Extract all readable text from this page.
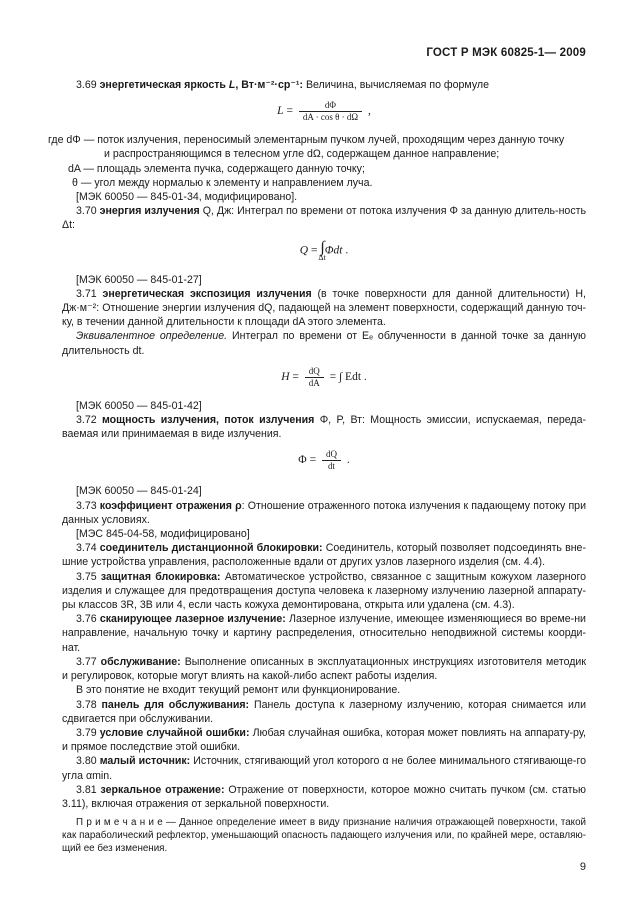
ГОСТ Р МЭК 60825-1— 2009

3.69 энергетическая яркость L, Вт·м⁻²·ср⁻¹: Величина, вычисляемая по формуле

$L = \frac{d\Phi}{\text{dA · cos θ · dΩ}}$ ,

где dΦ — поток излучения, переносимый элементарным пучком лучей, проходящим через данную точку

и распространяющимся в телесном угле dΩ, содержащем данное направление;

dA — площадь элемента пучка, содержащего данную точку;

θ — угол между нормалью к элементу и направлением луча.

[МЭК 60050 — 845-01-34, модифицировано].

3.70 энергия излучения Q, Дж: Интеграл по времени от потока излучения Φ за данную длитель-ность Δt:

Q = ∫
Δt
Φdt .

[МЭК 60050 — 845-01-27]

3.71 энергетическая экспозиция излучения (в точке поверхности для данной длительности) H, Дж·м⁻²: Отношение энергии излучения dQ, падающей на элемент поверхности, содержащий данную точ-ку, в течении данной длительности к площади dA этого элемента.

Эквивалентное определение. Интеграл по времени от Eₑ облученности в данной точке за данную длительность dt.

$H = \frac{dQ}{dA}$ = ∫ Edt .

[МЭК 60050 — 845-01-42]

3.72 мощность излучения, поток излучения Φ, P, Вт: Мощность эмиссии, испускаемая, переда-ваемая или принимаемая в виде излучения.

$\Phi = \frac{dQ}{dt}$ .

[МЭК 60050 — 845-01-24]

3.73 коэффициент отражения ρ: Отношение отраженного потока излучения к падающему потоку при данных условиях.

[МЭС 845-04-58, модифицировано]

3.74 соединитель дистанционной блокировки: Соединитель, который позволяет подсоединять вне-шние устройства управления, расположенные вдали от других узлов лазерного изделия (см. 4.4).

3.75 защитная блокировка: Автоматическое устройство, связанное с защитным кожухом лазерного изделия и служащее для предотвращения доступа человека к лазерному излучению лазерной аппарату-ры классов 3R, 3B или 4, если часть кожуха демонтирована, открыта или удалена (см. 4.3).

3.76 сканирующее лазерное излучение: Лазерное излучение, имеющее изменяющиеся во време-ни направление, начальную точку и картину распределения, относительно неподвижной системы коорди-нат.

3.77 обслуживание: Выполнение описанных в эксплуатационных инструкциях изготовителя методик и регулировок, которые могут влиять на какой-либо аспект работы изделия.

В это понятие не входит текущий ремонт или функционирование.

3.78 панель для обслуживания: Панель доступа к лазерному излучению, которая снимается или сдвигается при обслуживании.

3.79 условие случайной ошибки: Любая случайная ошибка, которая может повлиять на аппарату-ру, и прямое последствие этой ошибки.

3.80 малый источник: Источник, стягивающий угол которого α не более минимального стягивающе-го угла αmin.

3.81 зеркальное отражение: Отражение от поверхности, которое можно считать пучком (см. статью 3.11), включая отражения от зеркальной поверхности.

П р и м е ч а н и е — Данное определение имеет в виду признание наличия отражающей поверхности, такой как параболический рефлектор, уменьшающий опасность падающего излучения или, по крайней мере, оставляю-щий ее без изменения.

9
